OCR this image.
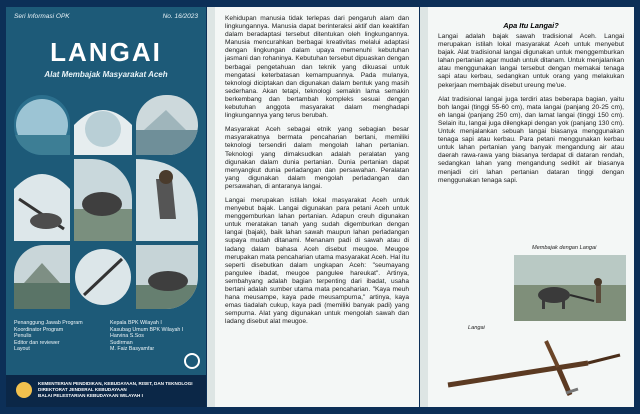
Seri Informasi OPK	No. 16/2023
LANGAI
Alat Membajak Masyarakat Aceh
Penanggung Jawab Program
Koordinator Program
Penulis
Editor dan reviewer
Layout
Kepala BPK Wilayah I
Kasubag Umum BPK Wilayah I
Harvina S.Sos
Sudirman
M. Faiz Basyamfar
KEMENTERIAN PENDIDIKAN, KEBUDAYAAN, RISET, DAN TEKNOLOGI
DIREKTORAT JENDERAL KEBUDAYAAN
BALAI PELESTARIAN KEBUDAYAAN WILAYAH I

Kehidupan manusia tidak terlepas dari pengaruh alam dan lingkungannya. Manusia dapat berinteraksi aktif dan keaktifan dalam beradaptasi tersebut ditentukan oleh lingkungannya. Manusia mencurahkan berbagai kreativitas melalui adaptasi dengan lingkungan dalam upaya memenuhi kebutuhan jasmani dan rohaninya. Kebutuhan tersebut dipuaskan dengan berbagai pengetahuan dan teknik yang dikuasai untuk mengatasi keterbatasan kemampuannya. Pada mulanya, teknologi diciptakan dan digunakan dalam bentuk yang masih sederhana. Akan tetapi, teknologi semakin lama semakin berkembang dan bertambah kompleks sesuai dengan kebutuhan anggota masyarakat dalam menghadapi lingkungannya yang terus berubah.

Masyarakat Aceh sebagai etnik yang sebagian besar masyarakatnya bermata pencaharian bertani, memiliki teknologi tersendiri dalam mengolah lahan pertanian. Teknologi yang dimaksudkan adalah peralatan yang digunakan dalam dunia pertanian. Dunia pertanian dapat menyangkut dunia perladangan dan persawahan. Peralatan yang digunakan dalam mengolah perladangan dan persawahan, di antaranya langai.

Langai merupakan istilah lokal masyarakat Aceh untuk menyebut bajak. Langai digunakan para petani Aceh untuk menggemburkan lahan pertanian. Adapun creuh digunakan untuk meratakan tanah yang sudah digemburkan dengan langai (bajak), baik lahan sawah maupun lahan perladangan supaya mudah ditanami. Menanam padi di sawah atau di ladang dalam bahasa Aceh disebut meugoe. Meugoe merupakan mata pencaharian utama masyarakat Aceh. Hal itu seperti disebutkan dalam ungkapan Aceh: "seumayang pangulee ibadat, meugoe pangulee hareukat". Artinya, sembahyang adalah bagian terpenting dari ibadat, usaha bertani adalah sumber utama mata pencaharian. "Kaya meuh hana meusampe, kaya pade meusampurna," artinya, kaya emas tiadalah cukup, kaya padi (memiliki banyak padi) yang sempurna. Alat yang digunakan untuk mengolah sawah dan ladang disebut alat meugoe.

Apa Itu Langai?

Langai adalah bajak sawah tradisional Aceh. Langai merupakan istilah lokal masyarakat Aceh untuk menyebut bajak. Alat tradisional langai digunakan untuk menggemburkan lahan pertanian agar mudah untuk ditanam. Untuk menjalankan atau menggunakan langai tersebut dengan memakai tenaga sapi atau kerbau, sedangkan untuk orang yang melakukan pekerjaan membajak disebut ureung me'ue.

Alat tradisional langai juga terdiri atas beberapa bagian, yaitu boh langai (tinggi 55-60 cm), mata langai (panjang 20-25 cm), eh langai (panjang 250 cm), dan lamat langai (tinggi 150 cm). Selain itu, langai juga dilengkapi dengan yok (panjang 130 cm). Untuk menjalankan sebuah langai biasanya menggunakan tenaga sapi atau kerbau. Para petani menggunakan kerbau untuk lahan pertanian yang banyak mengandung air atau daerah rawa-rawa yang biasanya terdapat di dataran rendah, sedangkan lahan yang mengandung sedikit air biasanya menjadi ciri lahan pertanian dataran tinggi dengan menggunakan tenaga sapi.

Membajak dengan Langai
Langai
